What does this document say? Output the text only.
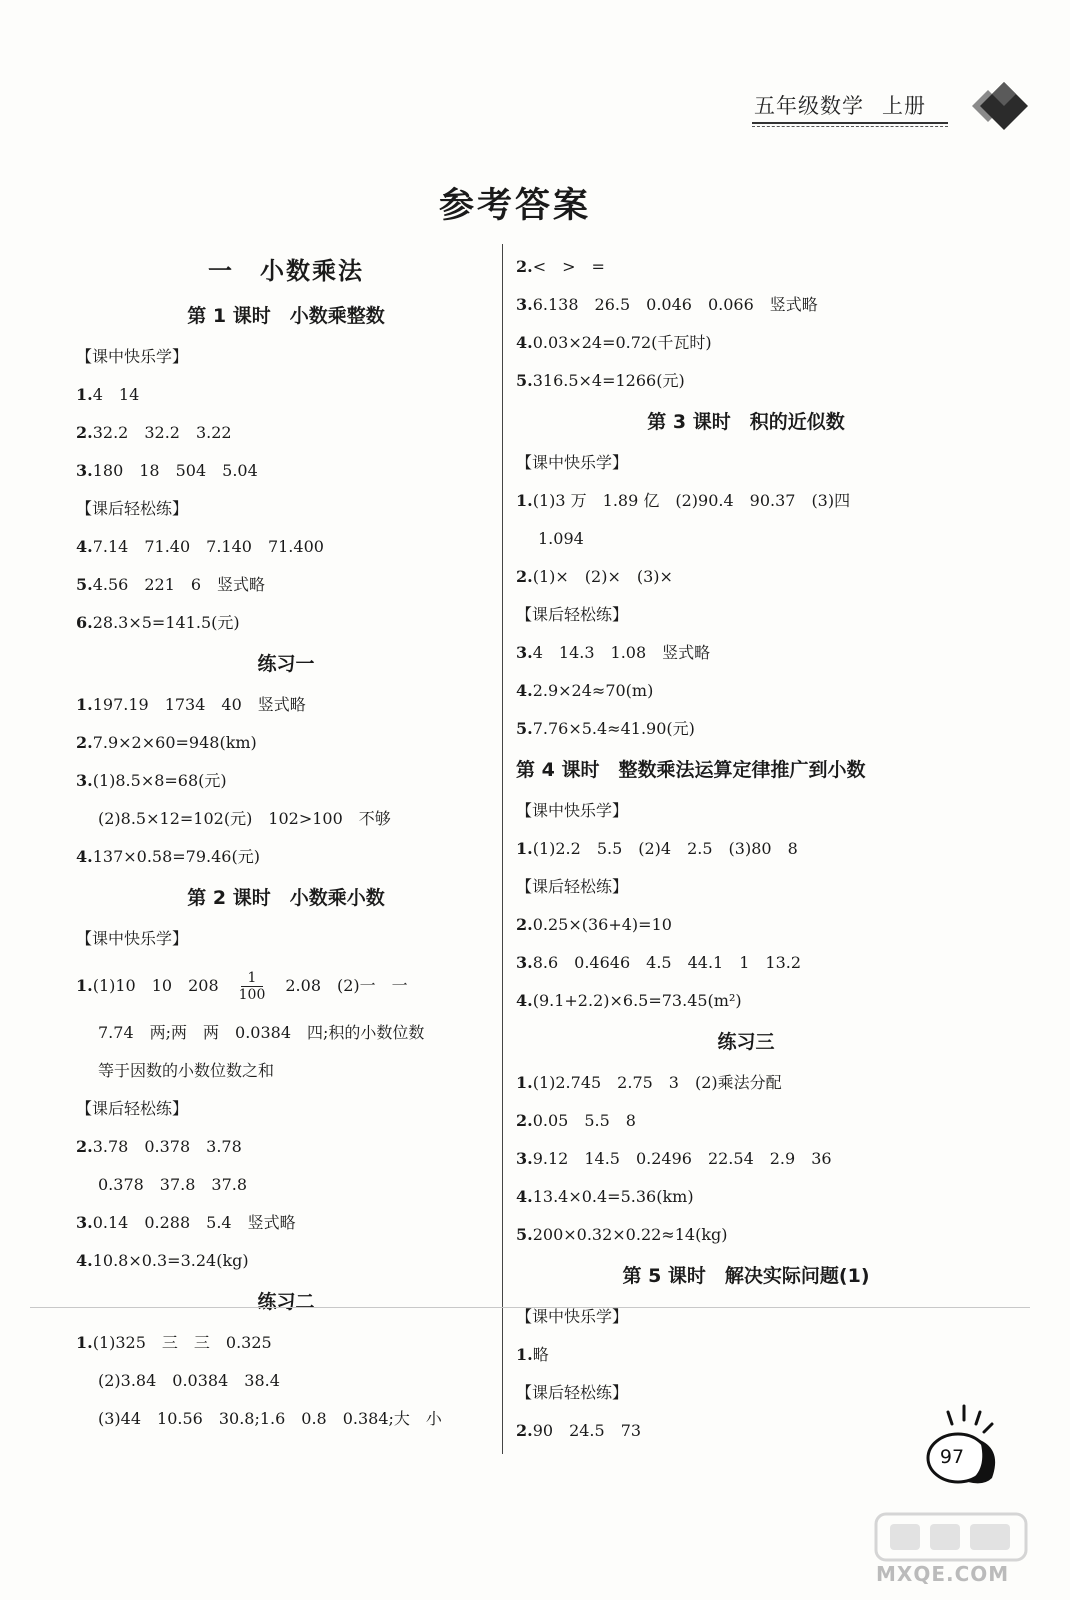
五年级数学 上册
参考答案
一　小数乘法
第 1 课时　小数乘整数
【课中快乐学】
1. 4　14
2. 32.2　32.2　3.22
3. 180　18　504　5.04
【课后轻松练】
4. 7.14　71.40　7.140　71.400
5. 4.56　221　6　竖式略
6. 28.3×5=141.5(元)
练习一
1. 197.19　1734　40　竖式略
2. 7.9×2×60=948(km)
3. (1)8.5×8=68(元)
(2)8.5×12=102(元)　102>100　不够
4. 137×0.58=79.46(元)
第 2 课时　小数乘小数
【课中快乐学】
1. (1)10　10　$208 \frac{1}{100} 2.08$　(2)一　一
7.74　两;两　两　0.0384　四;积的小数位数
等于因数的小数位数之和
【课后轻松练】
2. 3.78　0.378　3.78
0.378　37.8　37.8
3. 0.14　0.288　5.4　竖式略
4. 10.8×0.3=3.24(kg)
练习二
1. (1)325　三　三　0.325
(2)3.84　0.0384　38.4
(3)44　10.56　30.8;1.6　0.8　0.384;大　小
2. <　>　=
3. 6.138　26.5　0.046　0.066　竖式略
4. 0.03×24=0.72(千瓦时)
5. 316.5×4=1266(元)
第 3 课时　积的近似数
【课中快乐学】
1. (1)3 万　1.89 亿　(2)90.4　90.37　(3)四
1.094
2. (1)×　(2)×　(3)×
【课后轻松练】
3. 4　14.3　1.08　竖式略
4. 2.9×24≈70(m)
5. 7.76×5.4≈41.90(元)
第 4 课时　整数乘法运算定律推广到小数
【课中快乐学】
1. (1)2.2　5.5　(2)4　2.5　(3)80　8
【课后轻松练】
2. 0.25×(36+4)=10
3. 8.6　0.4646　4.5　44.1　1　13.2
4. (9.1+2.2)×6.5=73.45(m²)
练习三
1. (1)2.745　2.75　3　(2)乘法分配
2. 0.05　5.5　8
3. 9.12　14.5　0.2496　22.54　2.9　36
4. 13.4×0.4=5.36(km)
5. 200×0.32×0.22≈14(kg)
第 5 课时　解决实际问题(1)
【课中快乐学】
1. 略
【课后轻松练】
2. 90　24.5　73
97
MXQE.COM
